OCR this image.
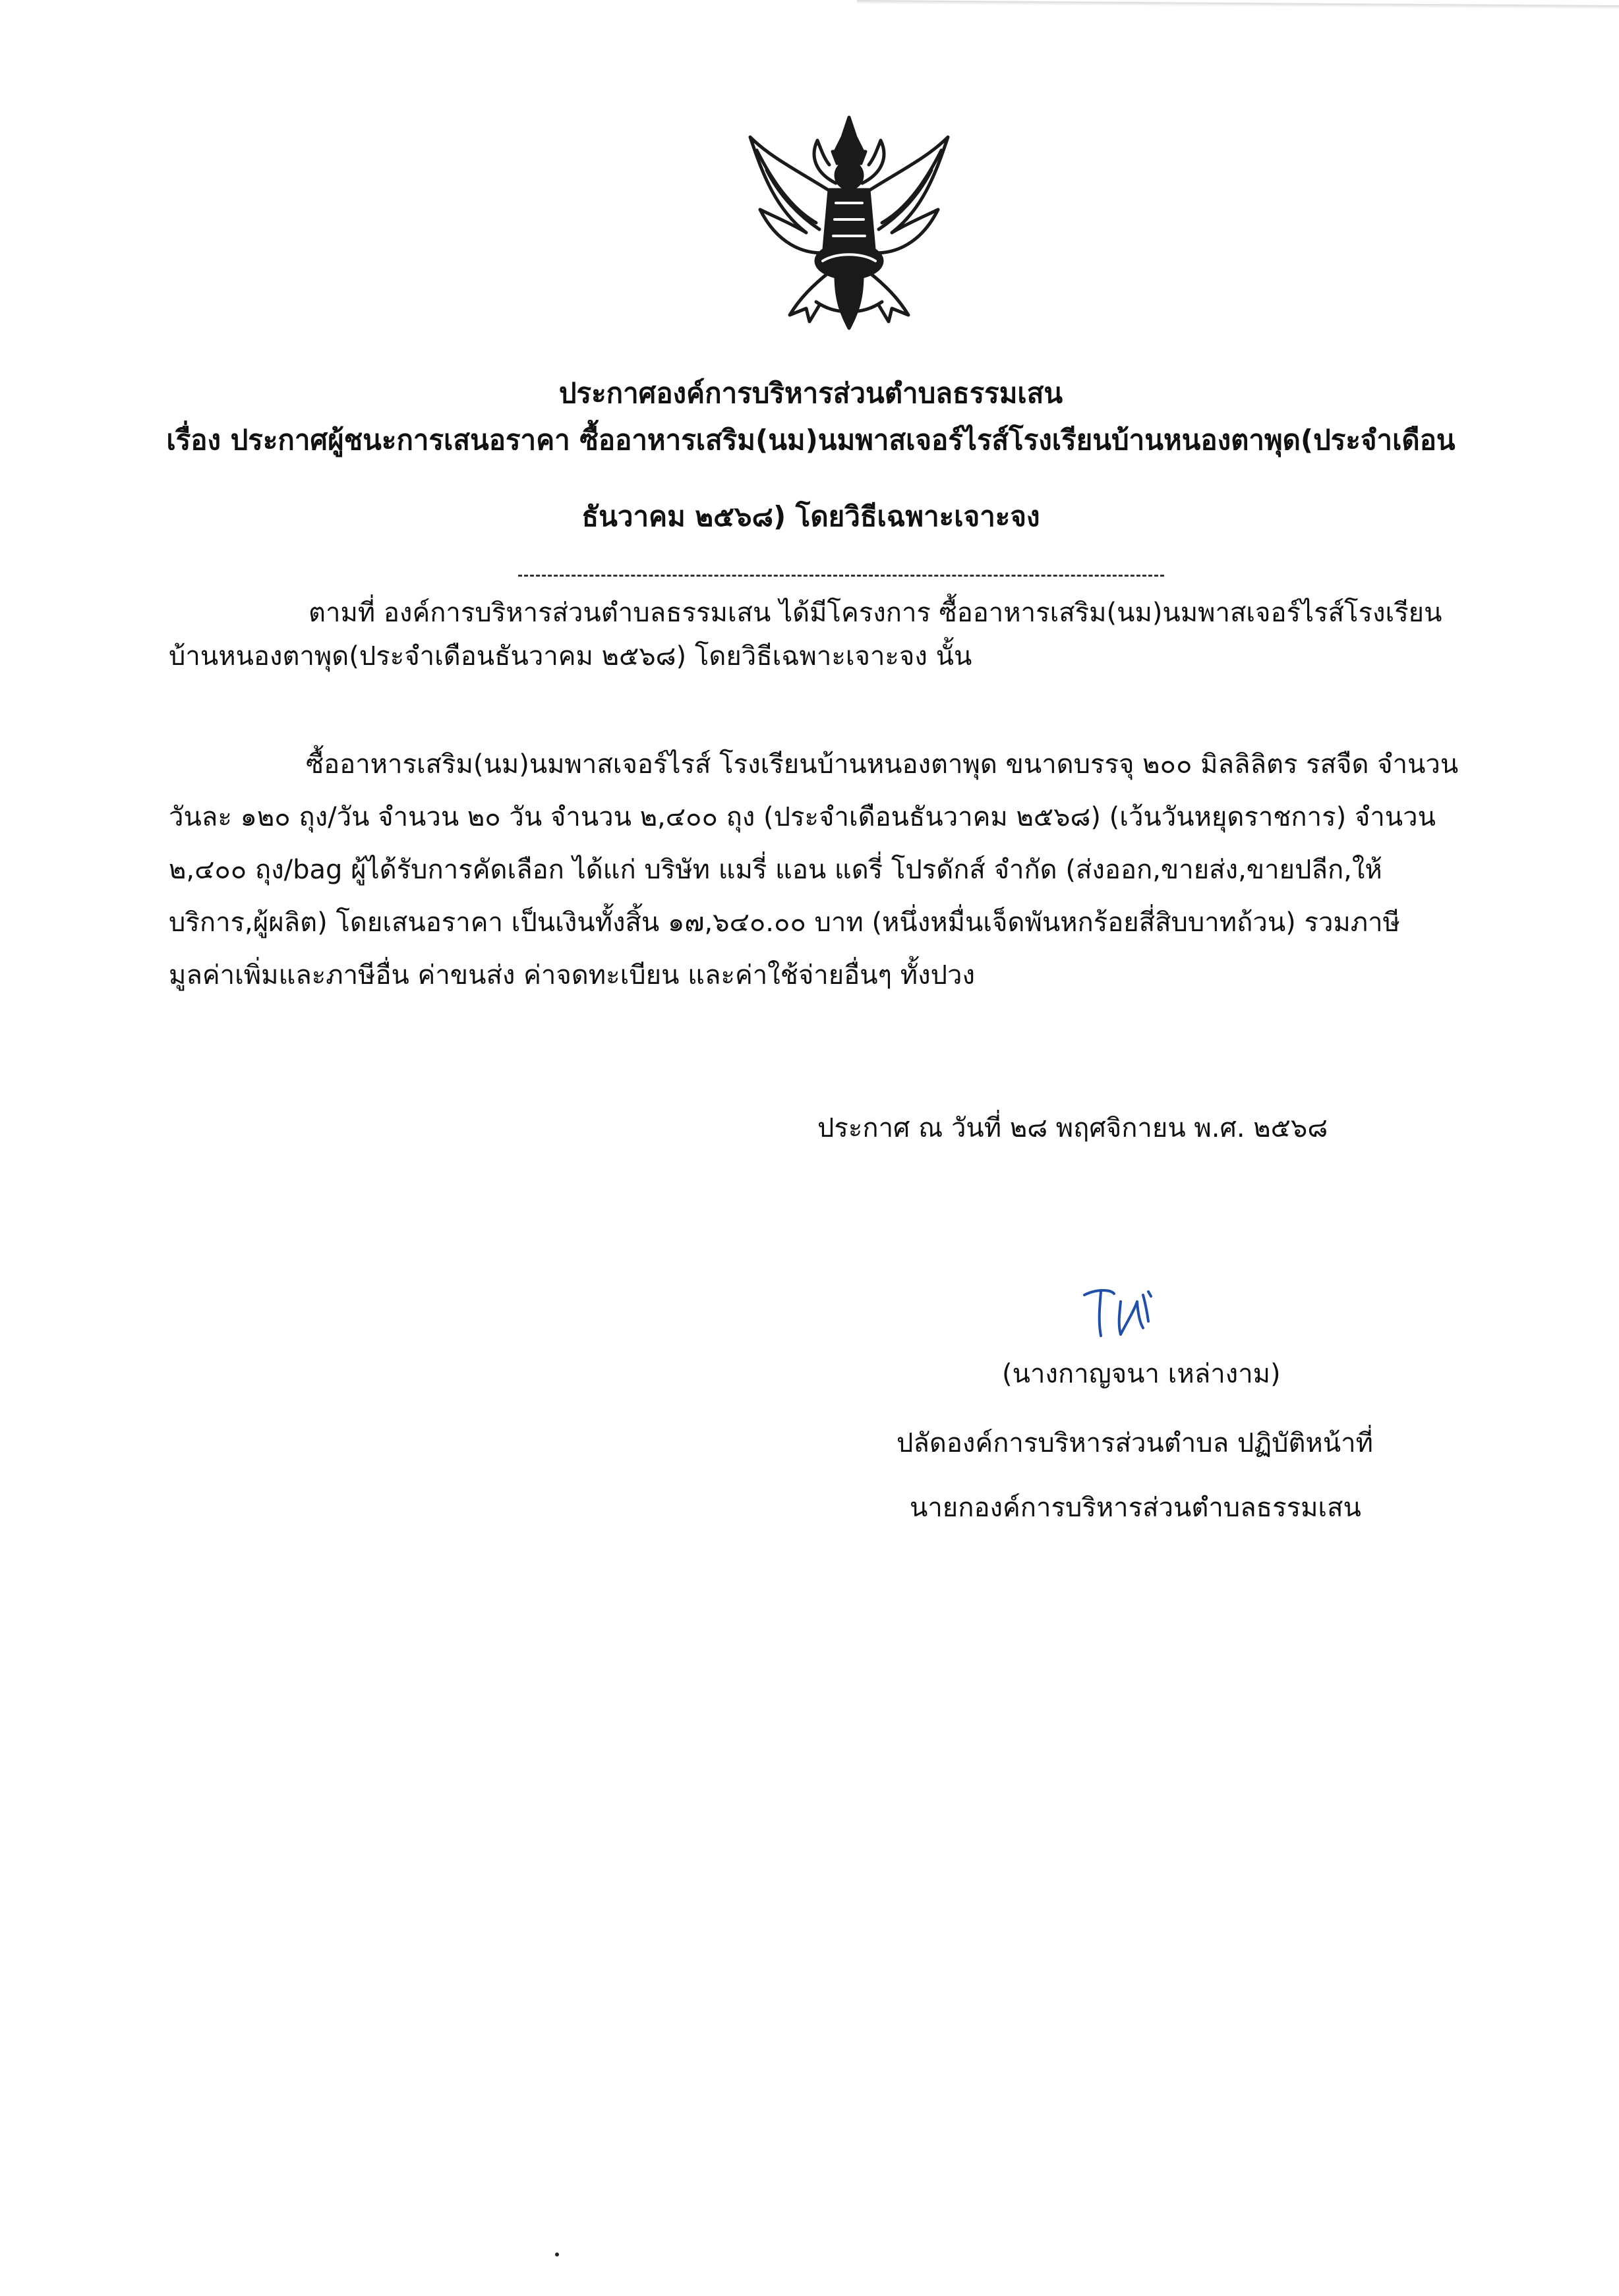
ประกาศองค์การบริหารส่วนตำบลธรรมเสน
เรื่อง ประกาศผู้ชนะการเสนอราคา ซื้ออาหารเสริม(นม)นมพาสเจอร์ไรส์โรงเรียนบ้านหนองตาพุด(ประจำเดือน
ธันวาคม ๒๕๖๘) โดยวิธีเฉพาะเจาะจง
ตามที่ องค์การบริหารส่วนตำบลธรรมเสน ได้มีโครงการ ซื้ออาหารเสริม(นม)นมพาสเจอร์ไรส์โรงเรียน
บ้านหนองตาพุด(ประจำเดือนธันวาคม ๒๕๖๘) โดยวิธีเฉพาะเจาะจง นั้น
ซื้ออาหารเสริม(นม)นมพาสเจอร์ไรส์ โรงเรียนบ้านหนองตาพุด ขนาดบรรจุ ๒๐๐ มิลลิลิตร รสจืด จำนวน
วันละ ๑๒๐ ถุง/วัน จำนวน ๒๐ วัน จำนวน ๒,๔๐๐ ถุง (ประจำเดือนธันวาคม ๒๕๖๘) (เว้นวันหยุดราชการ) จำนวน
๒,๔๐๐ ถุง/bag ผู้ได้รับการคัดเลือก ได้แก่ บริษัท แมรี่ แอน แดรี่ โปรดักส์ จำกัด (ส่งออก,ขายส่ง,ขายปลีก,ให้
บริการ,ผู้ผลิต) โดยเสนอราคา เป็นเงินทั้งสิ้น ๑๗,๖๔๐.๐๐ บาท (หนึ่งหมื่นเจ็ดพันหกร้อยสี่สิบบาทถ้วน) รวมภาษี
มูลค่าเพิ่มและภาษีอื่น ค่าขนส่ง ค่าจดทะเบียน และค่าใช้จ่ายอื่นๆ ทั้งปวง
ประกาศ ณ วันที่ ๒๘ พฤศจิกายน พ.ศ. ๒๕๖๘
(นางกาญจนา เหล่างาม)
ปลัดองค์การบริหารส่วนตำบล ปฏิบัติหน้าที่
นายกองค์การบริหารส่วนตำบลธรรมเสน
